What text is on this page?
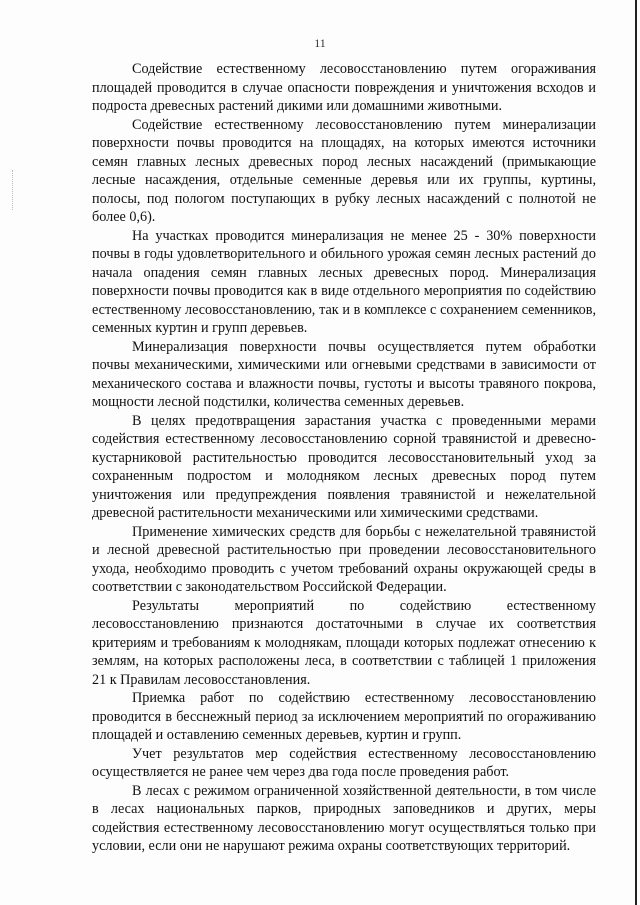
11

Содействие естественному лесовосстановлению путем огораживания площадей проводится в случае опасности повреждения и уничтожения всходов и подроста древесных растений дикими или домашними животными.

Содействие естественному лесовосстановлению путем минерализации поверхности почвы проводится на площадях, на которых имеются источники семян главных лесных древесных пород лесных насаждений (примыкающие лесные насаждения, отдельные семенные деревья или их группы, куртины, полосы, под пологом поступающих в рубку лесных насаждений с полнотой не более 0,6).

На участках проводится минерализация не менее 25 - 30% поверхности почвы в годы удовлетворительного и обильного урожая семян лесных растений до начала опадения семян главных лесных древесных пород. Минерализация поверхности почвы проводится как в виде отдельного мероприятия по содействию естественному лесовосстановлению, так и в комплексе с сохранением семенников, семенных куртин и групп деревьев.

Минерализация поверхности почвы осуществляется путем обработки почвы механическими, химическими или огневыми средствами в зависимости от механического состава и влажности почвы, густоты и высоты травяного покрова, мощности лесной подстилки, количества семенных деревьев.

В целях предотвращения зарастания участка с проведенными мерами содействия естественному лесовосстановлению сорной травянистой и древесно-кустарниковой растительностью проводится лесовосстановительный уход за сохраненным подростом и молодняком лесных древесных пород путем уничтожения или предупреждения появления травянистой и нежелательной древесной растительности механическими или химическими средствами.

Применение химических средств для борьбы с нежелательной травянистой и лесной древесной растительностью при проведении лесовосстановительного ухода, необходимо проводить с учетом требований охраны окружающей среды в соответствии с законодательством Российской Федерации.

Результаты мероприятий по содействию естественному лесовосстановлению признаются достаточными в случае их соответствия критериям и требованиям к молоднякам, площади которых подлежат отнесению к землям, на которых расположены леса, в соответствии с таблицей 1 приложения 21 к Правилам лесовосстановления.

Приемка работ по содействию естественному лесовосстановлению проводится в бесснежный период за исключением мероприятий по огораживанию площадей и оставлению семенных деревьев, куртин и групп.

Учет результатов мер содействия естественному лесовосстановлению осуществляется не ранее чем через два года после проведения работ.

В лесах с режимом ограниченной хозяйственной деятельности, в том числе в лесах национальных парков, природных заповедников и других, меры содействия естественному лесовосстановлению могут осуществляться только при условии, если они не нарушают режима охраны соответствующих территорий.
